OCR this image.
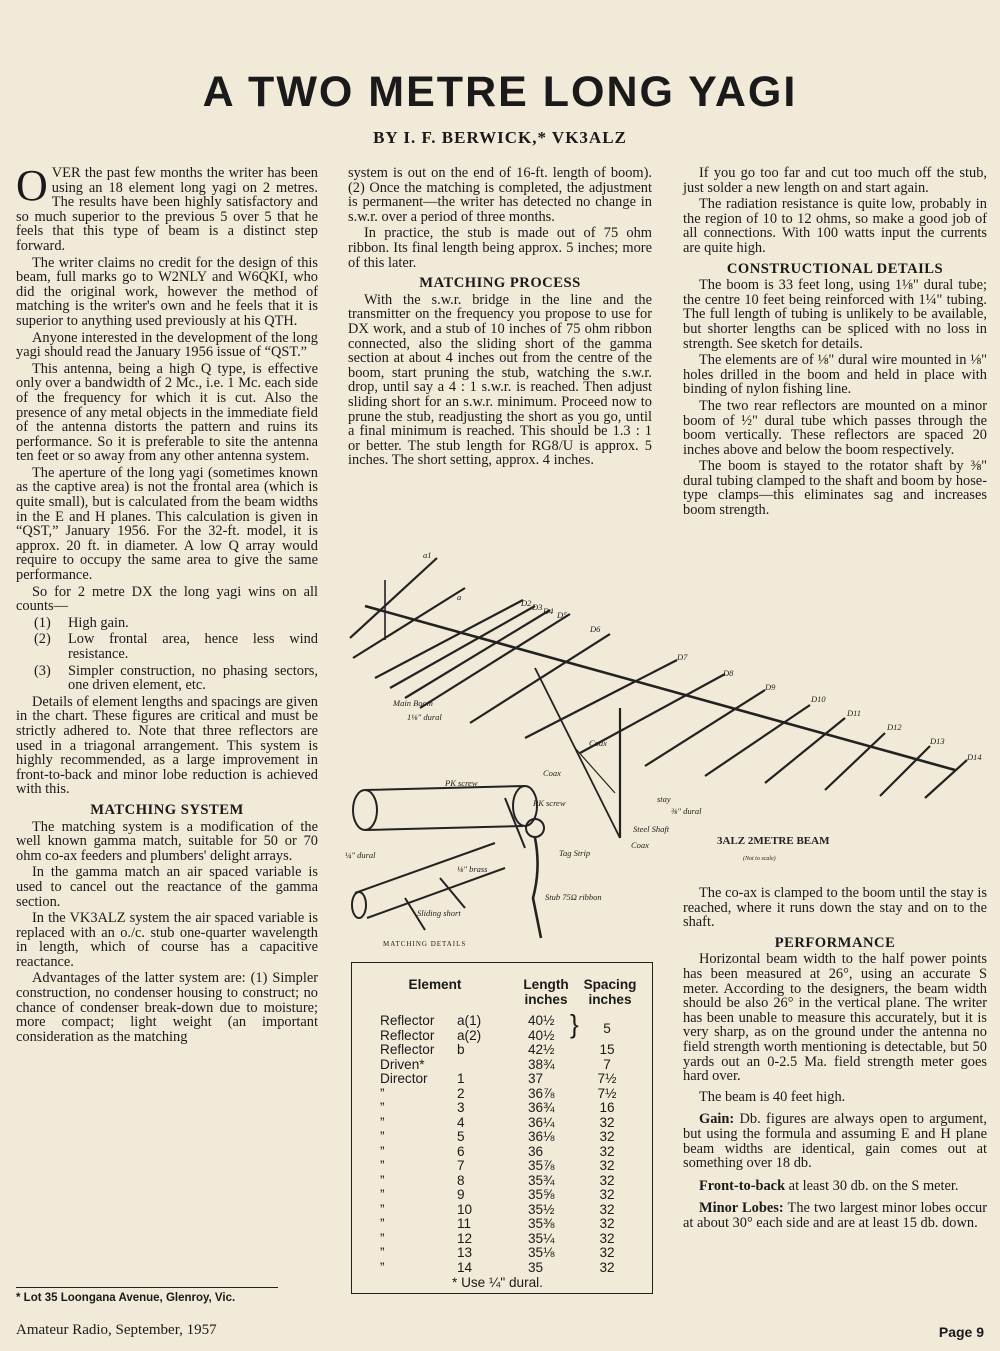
A TWO METRE LONG YAGI
BY I. F. BERWICK,* VK3ALZ

OVER the past few months the writer has been using an 18 element long yagi on 2 metres. The results have been highly satisfactory and so much superior to the previous 5 over 5 that he feels that this type of beam is a distinct step forward.

The writer claims no credit for the design of this beam, full marks go to W2NLY and W6QKI, who did the original work, however the method of matching is the writer's own and he feels that it is superior to anything used previously at his QTH.

Anyone interested in the development of the long yagi should read the January 1956 issue of “QST.”

This antenna, being a high Q type, is effective only over a bandwidth of 2 Mc., i.e. 1 Mc. each side of the frequency for which it is cut. Also the presence of any metal objects in the immediate field of the antenna distorts the pattern and ruins its performance. So it is preferable to site the antenna ten feet or so away from any other antenna system.

The aperture of the long yagi (sometimes known as the captive area) is not the frontal area (which is quite small), but is calculated from the beam widths in the E and H planes. This calculation is given in “QST,” January 1956. For the 32-ft. model, it is approx. 20 ft. in diameter. A low Q array would require to occupy the same area to give the same performance.

So for 2 metre DX the long yagi wins on all counts—

(1)	High gain.
(2)	Low frontal area, hence less wind resistance.
(3)	Simpler construction, no phasing sectors, one driven element, etc.

Details of element lengths and spacings are given in the chart. These figures are critical and must be strictly adhered to. Note that three reflectors are used in a triagonal arrangement. This system is highly recommended, as a large improvement in front-to-back and minor lobe reduction is achieved with this.

MATCHING SYSTEM

The matching system is a modification of the well known gamma match, suitable for 50 or 70 ohm co-ax feeders and plumbers' delight arrays.

In the gamma match an air spaced variable is used to cancel out the reactance of the gamma section.

In the VK3ALZ system the air spaced variable is replaced with an o./c. stub one-quarter wavelength in length, which of course has a capacitive reactance.

Advantages of the latter system are: (1) Simpler construction, no condenser housing to construct; no chance of condenser break-down due to moisture; more compact; light weight (an important consideration as the matching

system is out on the end of 16-ft. length of boom). (2) Once the matching is completed, the adjustment is permanent—the writer has detected no change in s.w.r. over a period of three months.

In practice, the stub is made out of 75 ohm ribbon. Its final length being approx. 5 inches; more of this later.

MATCHING PROCESS

With the s.w.r. bridge in the line and the transmitter on the frequency you propose to use for DX work, and a stub of 10 inches of 75 ohm ribbon connected, also the sliding short of the gamma section at about 4 inches out from the centre of the boom, start pruning the stub, watching the s.w.r. drop, until say a 4 : 1 s.w.r. is reached. Then adjust sliding short for an s.w.r. minimum. Proceed now to prune the stub, readjusting the short as you go, until a final minimum is reached. This should be 1.3 : 1 or better. The stub length for RG8/U is approx. 5 inches. The short setting, approx. 4 inches.

If you go too far and cut too much off the stub, just solder a new length on and start again.

The radiation resistance is quite low, probably in the region of 10 to 12 ohms, so make a good job of all connections. With 100 watts input the currents are quite high.

CONSTRUCTIONAL DETAILS

The boom is 33 feet long, using 1⅛" dural tube; the centre 10 feet being reinforced with 1¼" tubing. The full length of tubing is unlikely to be available, but shorter lengths can be spliced with no loss in strength. See sketch for details.

The elements are of ⅛" dural wire mounted in ⅛" holes drilled in the boom and held in place with binding of nylon fishing line.

The two rear reflectors are mounted on a minor boom of ½" dural tube which passes through the boom vertically. These reflectors are spaced 20 inches above and below the boom respectively.

The boom is stayed to the rotator shaft by ⅜" dural tubing clamped to the shaft and boom by hose-type clamps—this eliminates sag and increases boom strength.

The co-ax is clamped to the boom until the stay is reached, where it runs down the stay and on to the shaft.

PERFORMANCE

Horizontal beam width to the half power points has been measured at 26°, using an accurate S meter. According to the designers, the beam width should be also 26° in the vertical plane. The writer has been unable to measure this accurately, but it is very sharp, as on the ground under the antenna no field strength worth mentioning is detectable, but 50 yards out an 0-2.5 Ma. field strength meter goes hard over.

The beam is 40 feet high.

Gain: Db. figures are always open to argument, but using the formula and assuming E and H plane beam widths are identical, gain comes out at something over 18 db.

Front-to-back at least 30 db. on the S meter.

Minor Lobes: The two largest minor lobes occur at about 30° each side and are at least 15 db. down.

a1
a
D2 D3 D4 D5
D6
D7
D8
D9
D10
D11
D12
D13
D14
Main Boom
1⅛" dural
PK screw
Coax
Coax
stay
⅜" dural
Steel Shaft
Coax
PK screw
Tag Strip
¼" dural
⅛" brass
Stub 75Ω ribbon
Sliding short
MATCHING DETAILS
3ALZ 2METRE BEAM
(Not to scale)
Element	Length inches
Spacing inches
Reflector a(1)	40½
Reflector a(2)	40½	5
Reflector b	42½	15
Driven*	38¾	7
Director 1	37	7½
”	2	36⅞	7½
”	3	36¾	16
”	4	36¼	32
”	5	36⅛	32
”	6	36	32
”	7	35⅞	32
”	8	35¾	32
”	9	35⅝	32
”	10	35½	32
”	11	35⅜	32
”	12	35¼	32
”	13	35⅛	32
”	14	35	32
}
* Use ¼" dural.
* Lot 35 Loongana Avenue, Glenroy, Vic.
Amateur Radio, September, 1957	Page 9
